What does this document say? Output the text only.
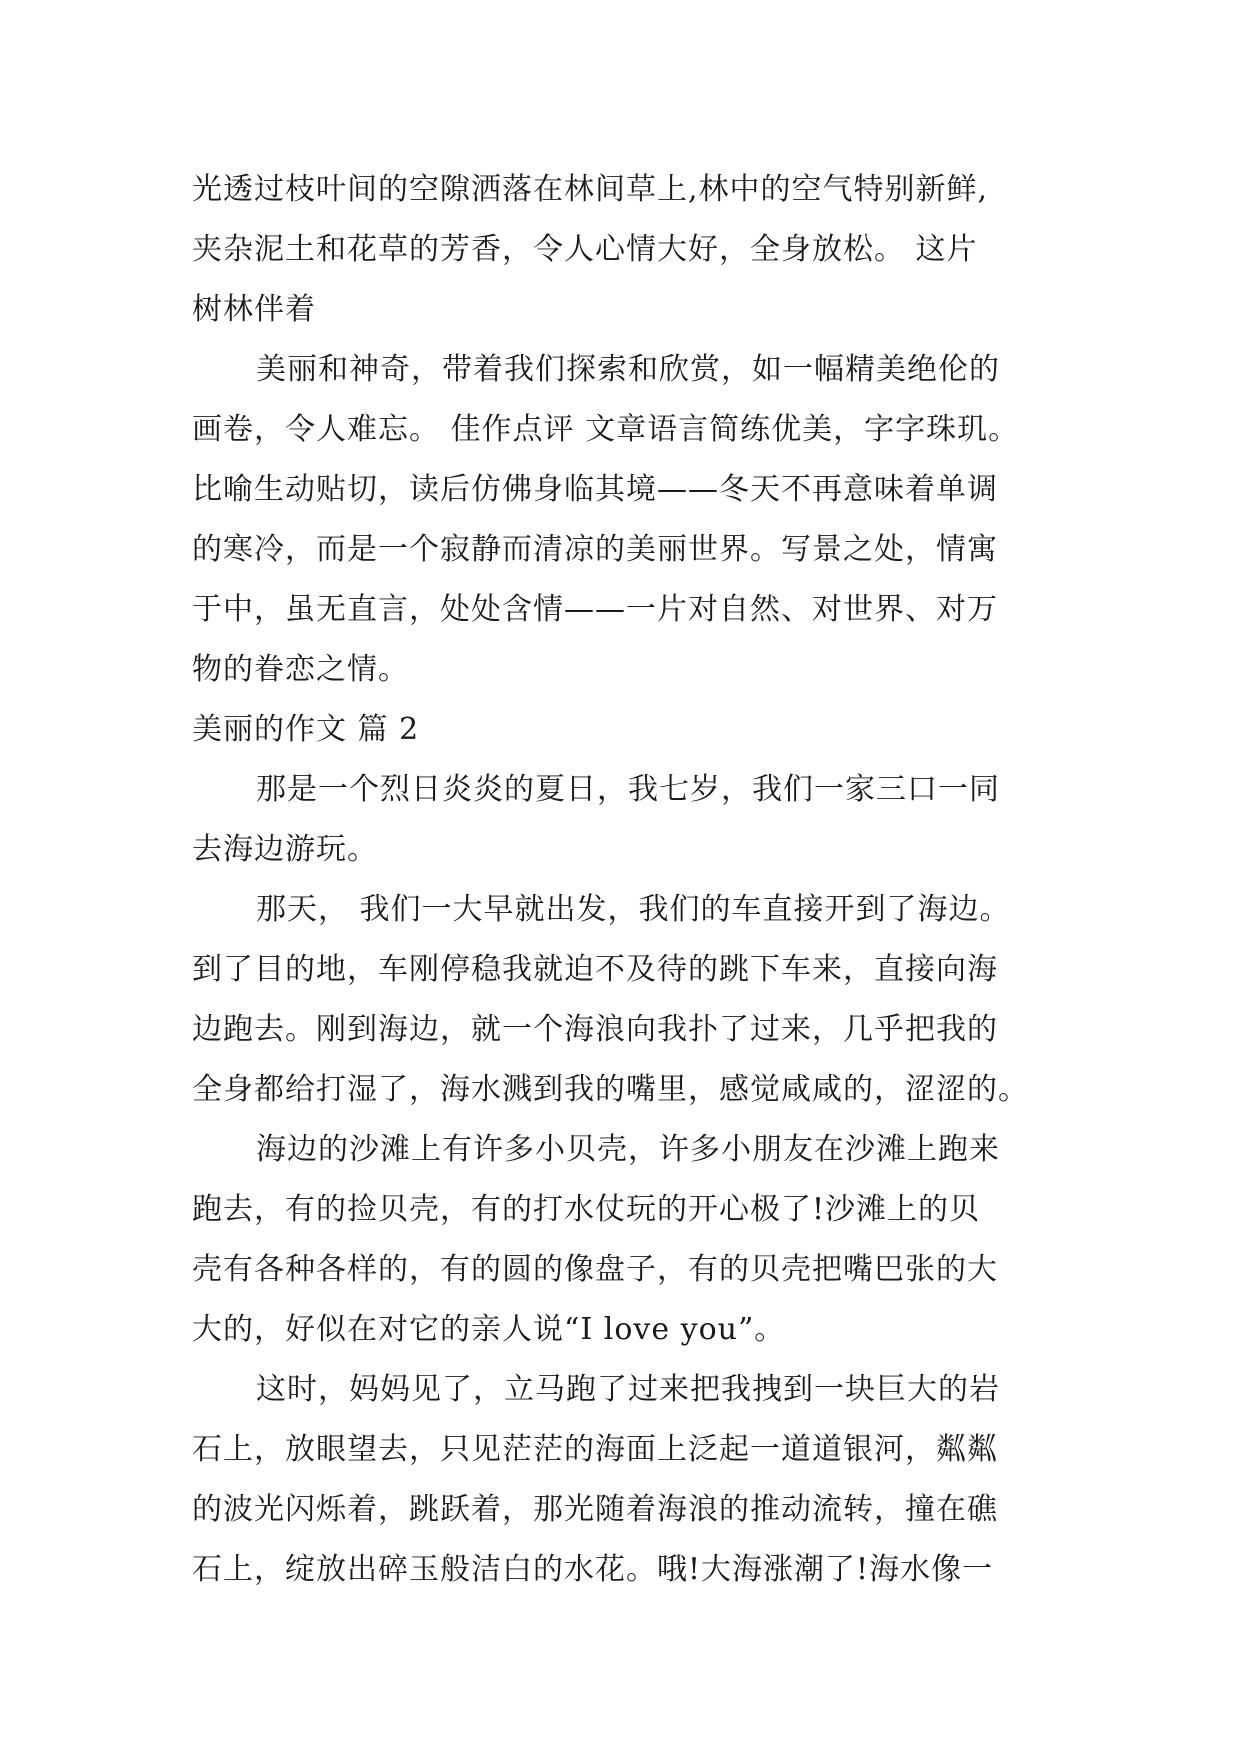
光透过枝叶间的空隙洒落在林间草上,林中的空气特别新鲜,
夹杂泥土和花草的芳香，令人心情大好，全身放松。 这片
树林伴着
美丽和神奇，带着我们探索和欣赏，如一幅精美绝伦的
画卷，令人难忘。 佳作点评 文章语言简练优美，字字珠玑。
比喻生动贴切，读后仿佛身临其境——冬天不再意味着单调
的寒冷，而是一个寂静而清凉的美丽世界。写景之处，情寓
于中，虽无直言，处处含情——一片对自然、对世界、对万
物的眷恋之情。
美丽的作文 篇 2
那是一个烈日炎炎的夏日，我七岁，我们一家三口一同
去海边游玩。
那天， 我们一大早就出发，我们的车直接开到了海边。
到了目的地，车刚停稳我就迫不及待的跳下车来，直接向海
边跑去。刚到海边，就一个海浪向我扑了过来，几乎把我的
全身都给打湿了，海水溅到我的嘴里，感觉咸咸的，涩涩的。
海边的沙滩上有许多小贝壳，许多小朋友在沙滩上跑来
跑去，有的捡贝壳，有的打水仗玩的开心极了!沙滩上的贝
壳有各种各样的，有的圆的像盘子，有的贝壳把嘴巴张的大
大的，好似在对它的亲人说“I love you”。
这时，妈妈见了，立马跑了过来把我拽到一块巨大的岩
石上，放眼望去，只见茫茫的海面上泛起一道道银河，粼粼
的波光闪烁着，跳跃着，那光随着海浪的推动流转，撞在礁
石上，绽放出碎玉般洁白的水花。哦!大海涨潮了!海水像一
